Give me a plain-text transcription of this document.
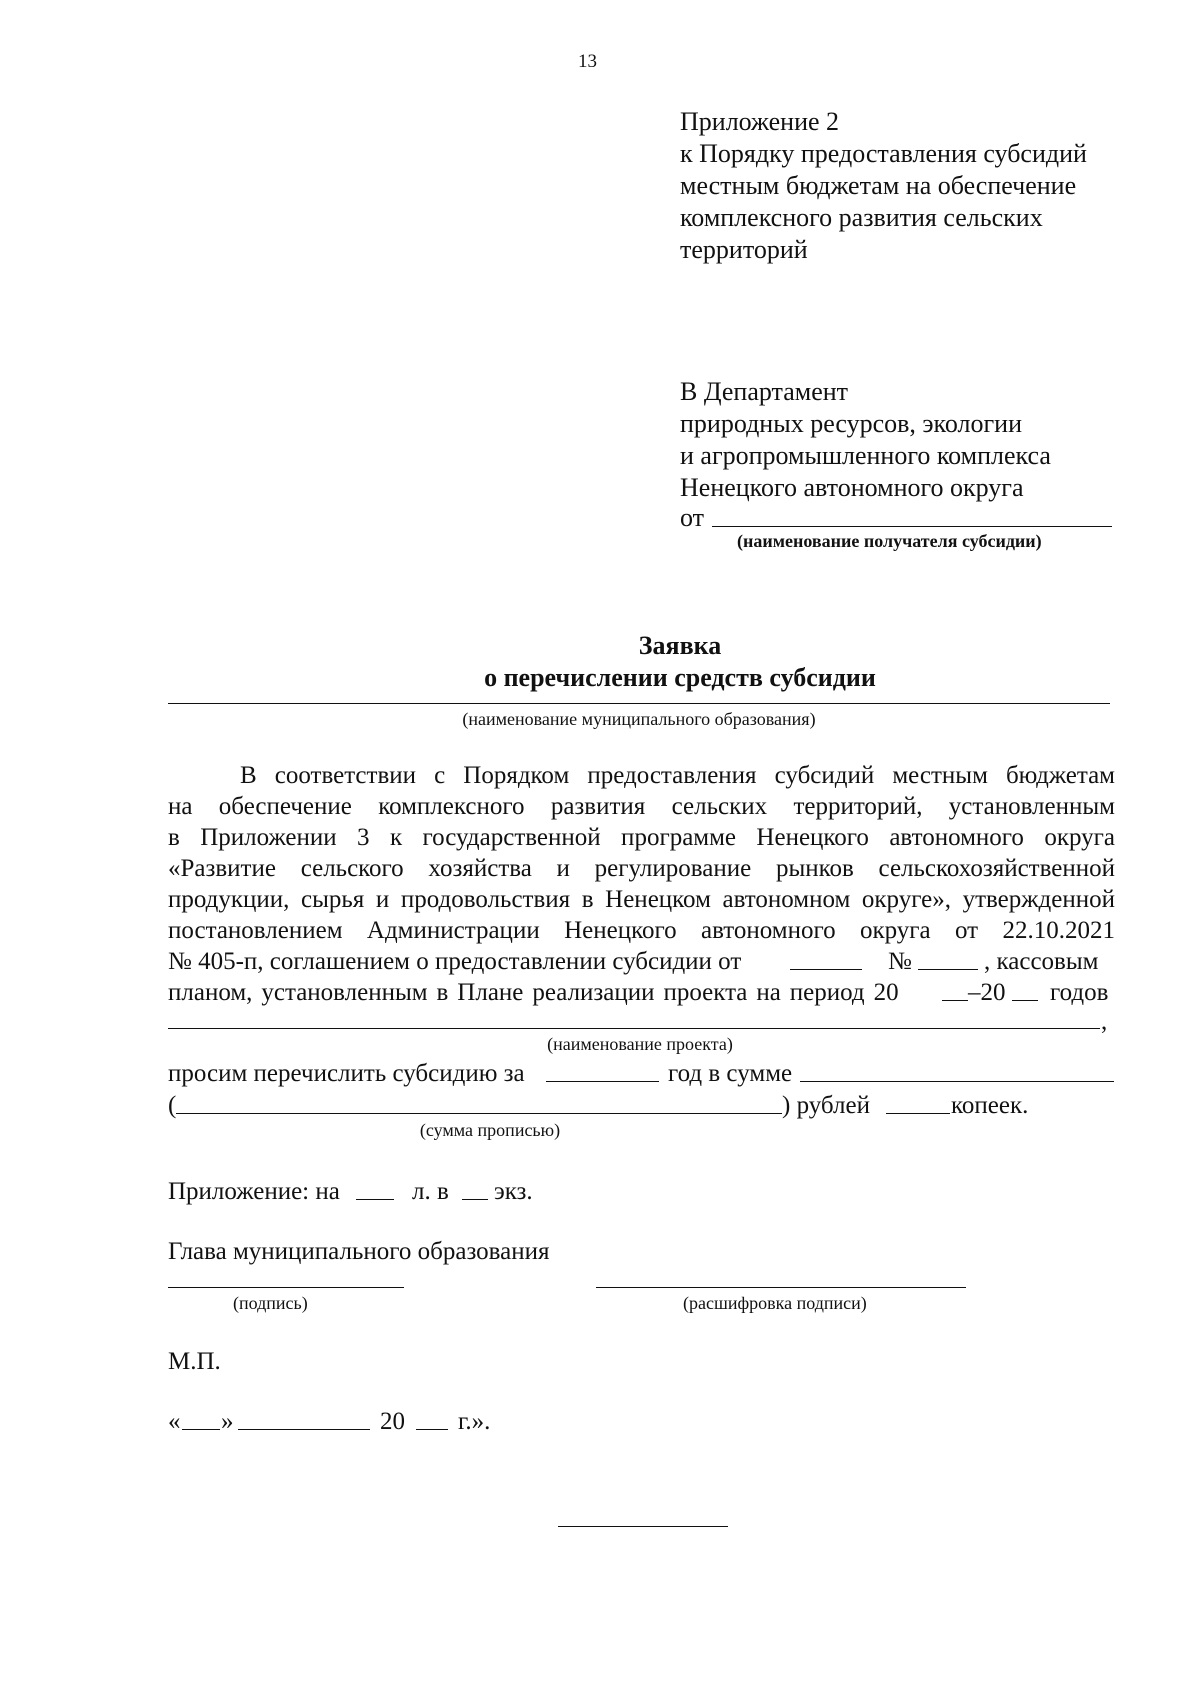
13
Приложение 2
к Порядку предоставления субсидий
местным бюджетам на обеспечение
комплексного развития сельских
территорий
В Департамент
природных ресурсов, экологии
и агропромышленного комплекса
Ненецкого автономного округа
от
(наименование получателя субсидии)
Заявка
о перечислении средств субсидии
(наименование муниципального образования)
В соответствии с Порядком предоставления субсидий местным бюджетам
на обеспечение комплексного развития сельских территорий, установленным
в Приложении 3 к государственной программе Ненецкого автономного округа
«Развитие сельского хозяйства и регулирование рынков сельскохозяйственной
продукции, сырья и продовольствия в Ненецком автономном округе», утвержденной
постановлением Администрации Ненецкого автономного округа от 22.10.2021
№ 405-п, соглашением о предоставлении субсидии от	№	, кассовым
планом, установленным в Плане реализации проекта на период 20	–20 годов
,
(наименование проекта)
просим перечислить субсидию за	год в сумме
(	) рублей	копеек.
(сумма прописью)
Приложение: на	л. в экз.
Глава муниципального образования
(подпись)	(расшифровка подписи)
М.П.
« »	20 г.».
